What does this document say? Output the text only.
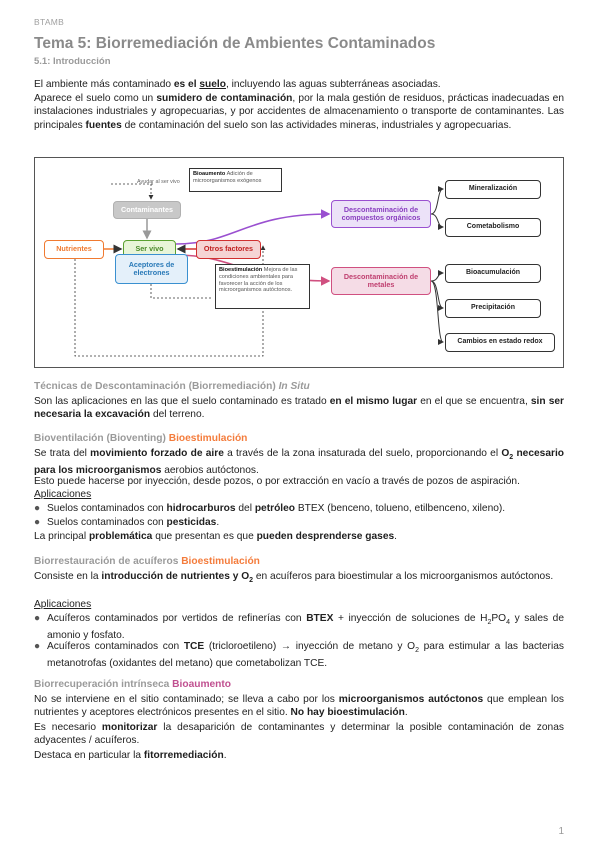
BTAMB
Tema 5: Biorremediación de Ambientes Contaminados
5.1: Introducción
El ambiente más contaminado es el suelo, incluyendo las aguas subterráneas asociadas.
Aparece el suelo como un sumidero de contaminación, por la mala gestión de residuos, prácticas inadecuadas en instalaciones industriales y agropecuarias, y por accidentes de almacenamiento o transporte de contaminantes. Las principales fuentes de contaminación del suelo son las actividades mineras, industriales y agropecuarias.
Ayudar al ser vivo
Bioaumento Adición de microorganismos exógenos
Bioestimulación Mejora de las condiciones ambientales para favorecer la acción de los microorganismos autóctonos.
Contaminantes
Nutrientes	Ser vivo	Otros factores
Aceptores de electrones
Descontaminación de compuestos orgánicos
Descontaminación de metales
Mineralización
Cometabolismo
Bioacumulación
Precipitación
Cambios en estado redox
Técnicas de Descontaminación (Biorremediación) In Situ
Son las aplicaciones en las que el suelo contaminado es tratado en el mismo lugar en el que se encuentra, sin ser necesaria la excavación del terreno.
Bioventilación (Bioventing) Bioestimulación
Se trata del movimiento forzado de aire a través de la zona insaturada del suelo, proporcionando el $O_2$ necesario para los microorganismos aerobios autóctonos.
Esto puede hacerse por inyección, desde pozos, o por extracción en vacío a través de pozos de aspiración.
Aplicaciones
● Suelos contaminados con hidrocarburos del petróleo BTEX (benceno, tolueno, etilbenceno, xileno).
● Suelos contaminados con pesticidas.
La principal problemática que presentan es que pueden desprenderse gases.
Biorrestauración de acuíferos Bioestimulación
Consiste en la introducción de nutrientes y $O_2$ en acuíferos para bioestimular a los microorganismos autóctonos.
Aplicaciones
● Acuíferos contaminados por vertidos de refinerías con BTEX + inyección de soluciones de $H_2PO_4$ y sales de amonio y fosfato.
● Acuíferos contaminados con TCE (tricloroetileno) → inyección de metano y $O_2$ para estimular a las bacterias metanotrofas (oxidantes del metano) que cometabolizan TCE.
Biorrecuperación intrínseca Bioaumento
No se interviene en el sitio contaminado; se lleva a cabo por los microorganismos autóctonos que emplean los nutrientes y aceptores electrónicos presentes en el sitio. No hay bioestimulación.
Es necesario monitorizar la desaparición de contaminantes y determinar la posible contaminación de zonas adyacentes / acuíferos.
Destaca en particular la fitorremediación.
1
